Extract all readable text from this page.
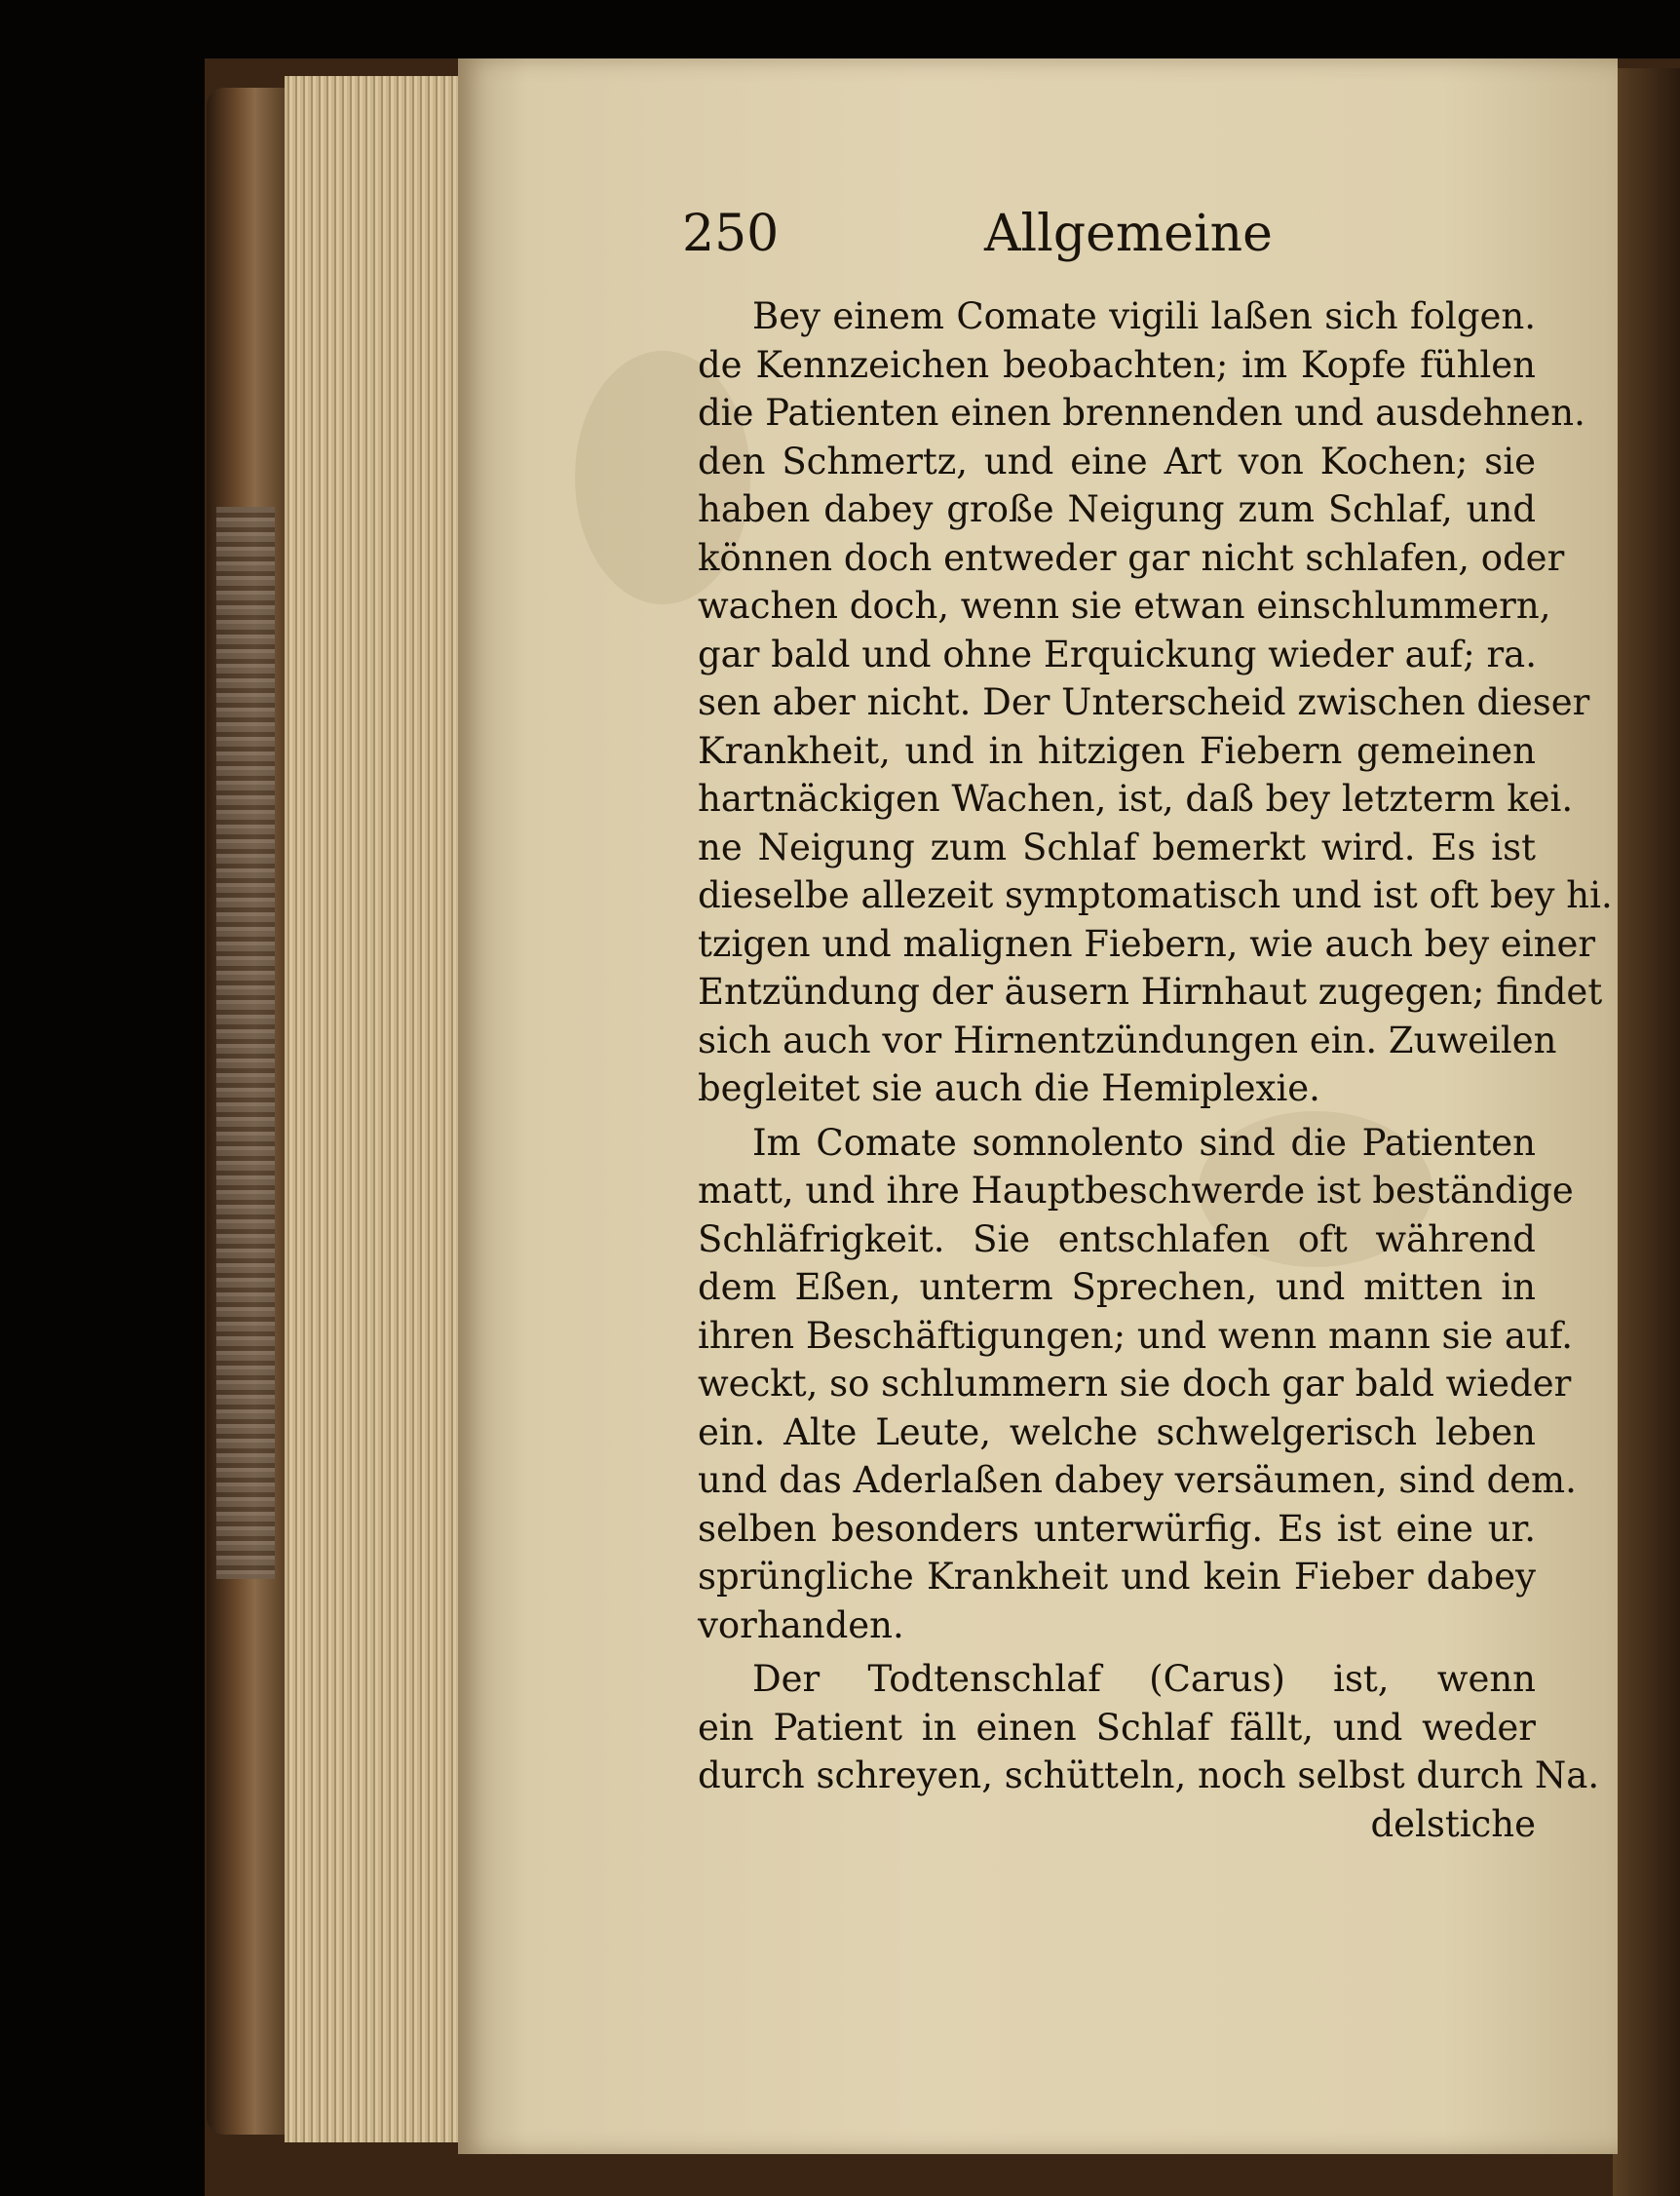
250	Allgemeine
Bey einem Comate vigili laßen sich folgen.
de Kennzeichen beobachten; im Kopfe fühlen
die Patienten einen brennenden und ausdehnen.
den Schmertz, und eine Art von Kochen; sie
haben dabey große Neigung zum Schlaf, und
können doch entweder gar nicht schlafen, oder
wachen doch, wenn sie etwan einschlummern,
gar bald und ohne Erquickung wieder auf; ra.
sen aber nicht. Der Unterscheid zwischen dieser
Krankheit, und in hitzigen Fiebern gemeinen
hartnäckigen Wachen, ist, daß bey letzterm kei.
ne Neigung zum Schlaf bemerkt wird. Es ist
dieselbe allezeit symptomatisch und ist oft bey hi.
tzigen und malignen Fiebern, wie auch bey einer
Entzündung der äusern Hirnhaut zugegen; findet
sich auch vor Hirnentzündungen ein. Zuweilen
begleitet sie auch die Hemiplexie.
Im Comate somnolento sind die Patienten
matt, und ihre Hauptbeschwerde ist beständige
Schläfrigkeit. Sie entschlafen oft während
dem Eßen, unterm Sprechen, und mitten in
ihren Beschäftigungen; und wenn mann sie auf.
weckt, so schlummern sie doch gar bald wieder
ein. Alte Leute, welche schwelgerisch leben
und das Aderlaßen dabey versäumen, sind dem.
selben besonders unterwürfig. Es ist eine ur.
sprüngliche Krankheit und kein Fieber dabey
vorhanden.
Der Todtenschlaf (Carus) ist, wenn
ein Patient in einen Schlaf fällt, und weder
durch schreyen, schütteln, noch selbst durch Na.
delstiche
